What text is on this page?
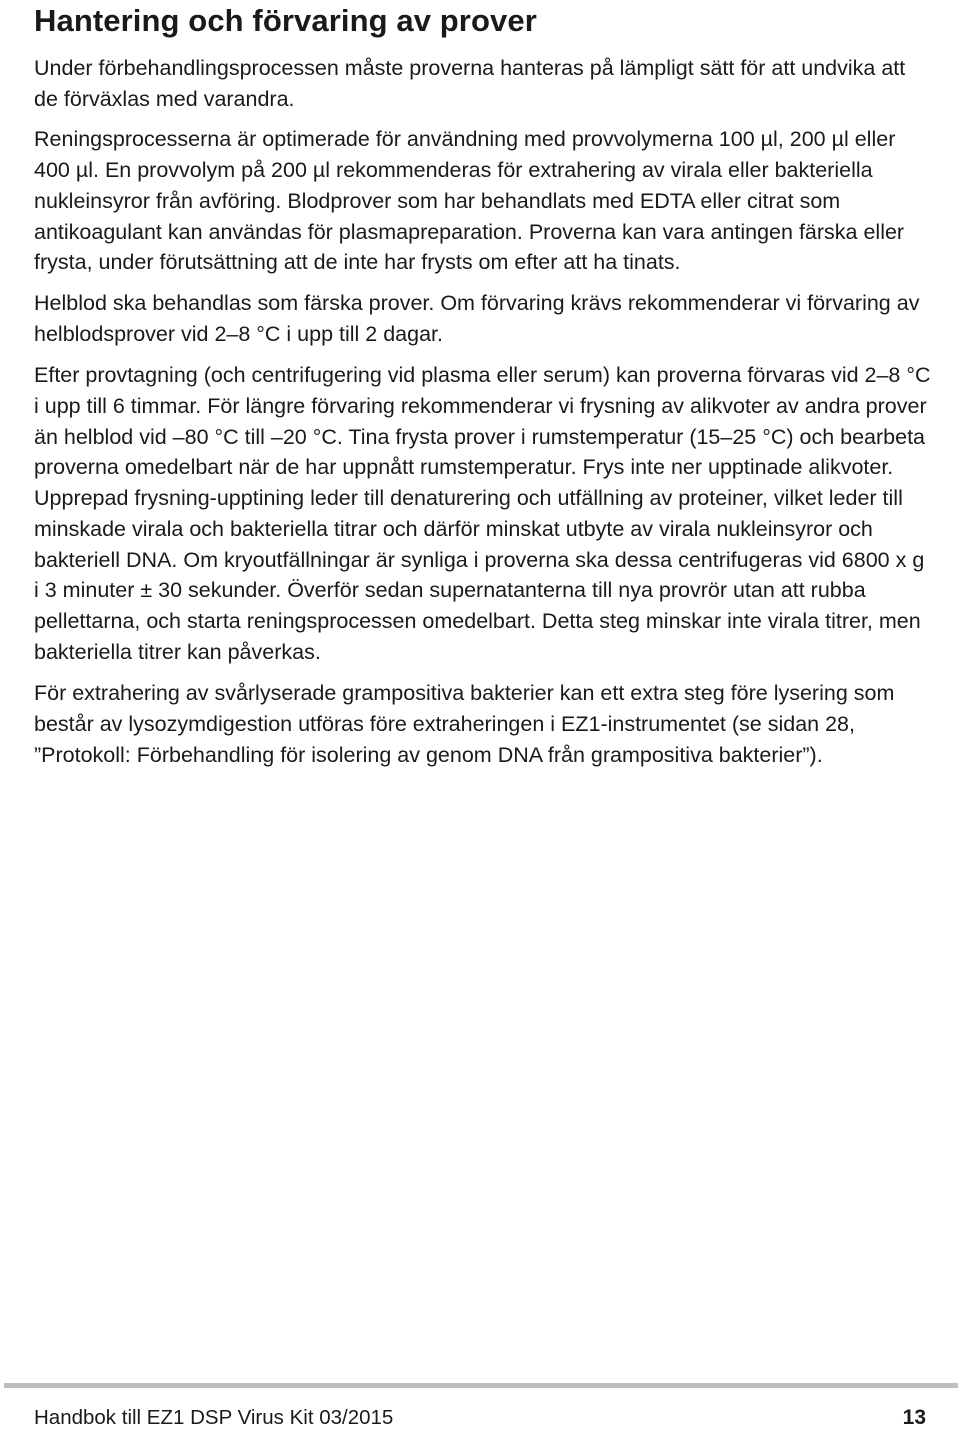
Hantering och förvaring av prover

Under förbehandlingsprocessen måste proverna hanteras på lämpligt sätt för att undvika att de förväxlas med varandra.

Reningsprocesserna är optimerade för användning med provvolymerna 100 µl, 200 µl eller 400 µl. En provvolym på 200 µl rekommenderas för extrahering av virala eller bakteriella nukleinsyror från avföring. Blodprover som har behandlats med EDTA eller citrat som antikoagulant kan användas för plasmapreparation. Proverna kan vara antingen färska eller frysta, under förutsättning att de inte har frysts om efter att ha tinats.

Helblod ska behandlas som färska prover. Om förvaring krävs rekommenderar vi förvaring av helblodsprover vid 2–8 °C i upp till 2 dagar.

Efter provtagning (och centrifugering vid plasma eller serum) kan proverna förvaras vid 2–8 °C i upp till 6 timmar. För längre förvaring rekommenderar vi frysning av alikvoter av andra prover än helblod vid –80 °C till –20 °C. Tina frysta prover i rumstemperatur (15–25 °C) och bearbeta proverna omedelbart när de har uppnått rumstemperatur. Frys inte ner upptinade alikvoter. Upprepad frysning-upptining leder till denaturering och utfällning av proteiner, vilket leder till minskade virala och bakteriella titrar och därför minskat utbyte av virala nukleinsyror och bakteriell DNA. Om kryoutfällningar är synliga i proverna ska dessa centrifugeras vid 6800 x g i 3 minuter ± 30 sekunder. Överför sedan supernatanterna till nya provrör utan att rubba pellettarna, och starta reningsprocessen omedelbart. Detta steg minskar inte virala titrer, men bakteriella titrer kan påverkas.

För extrahering av svårlyserade grampositiva bakterier kan ett extra steg före lysering som består av lysozymdigestion utföras före extraheringen i EZ1-instrumentet (se sidan 28, ”Protokoll: Förbehandling för isolering av genom DNA från grampositiva bakterier”).

Handbok till EZ1 DSP Virus Kit 03/2015	13
